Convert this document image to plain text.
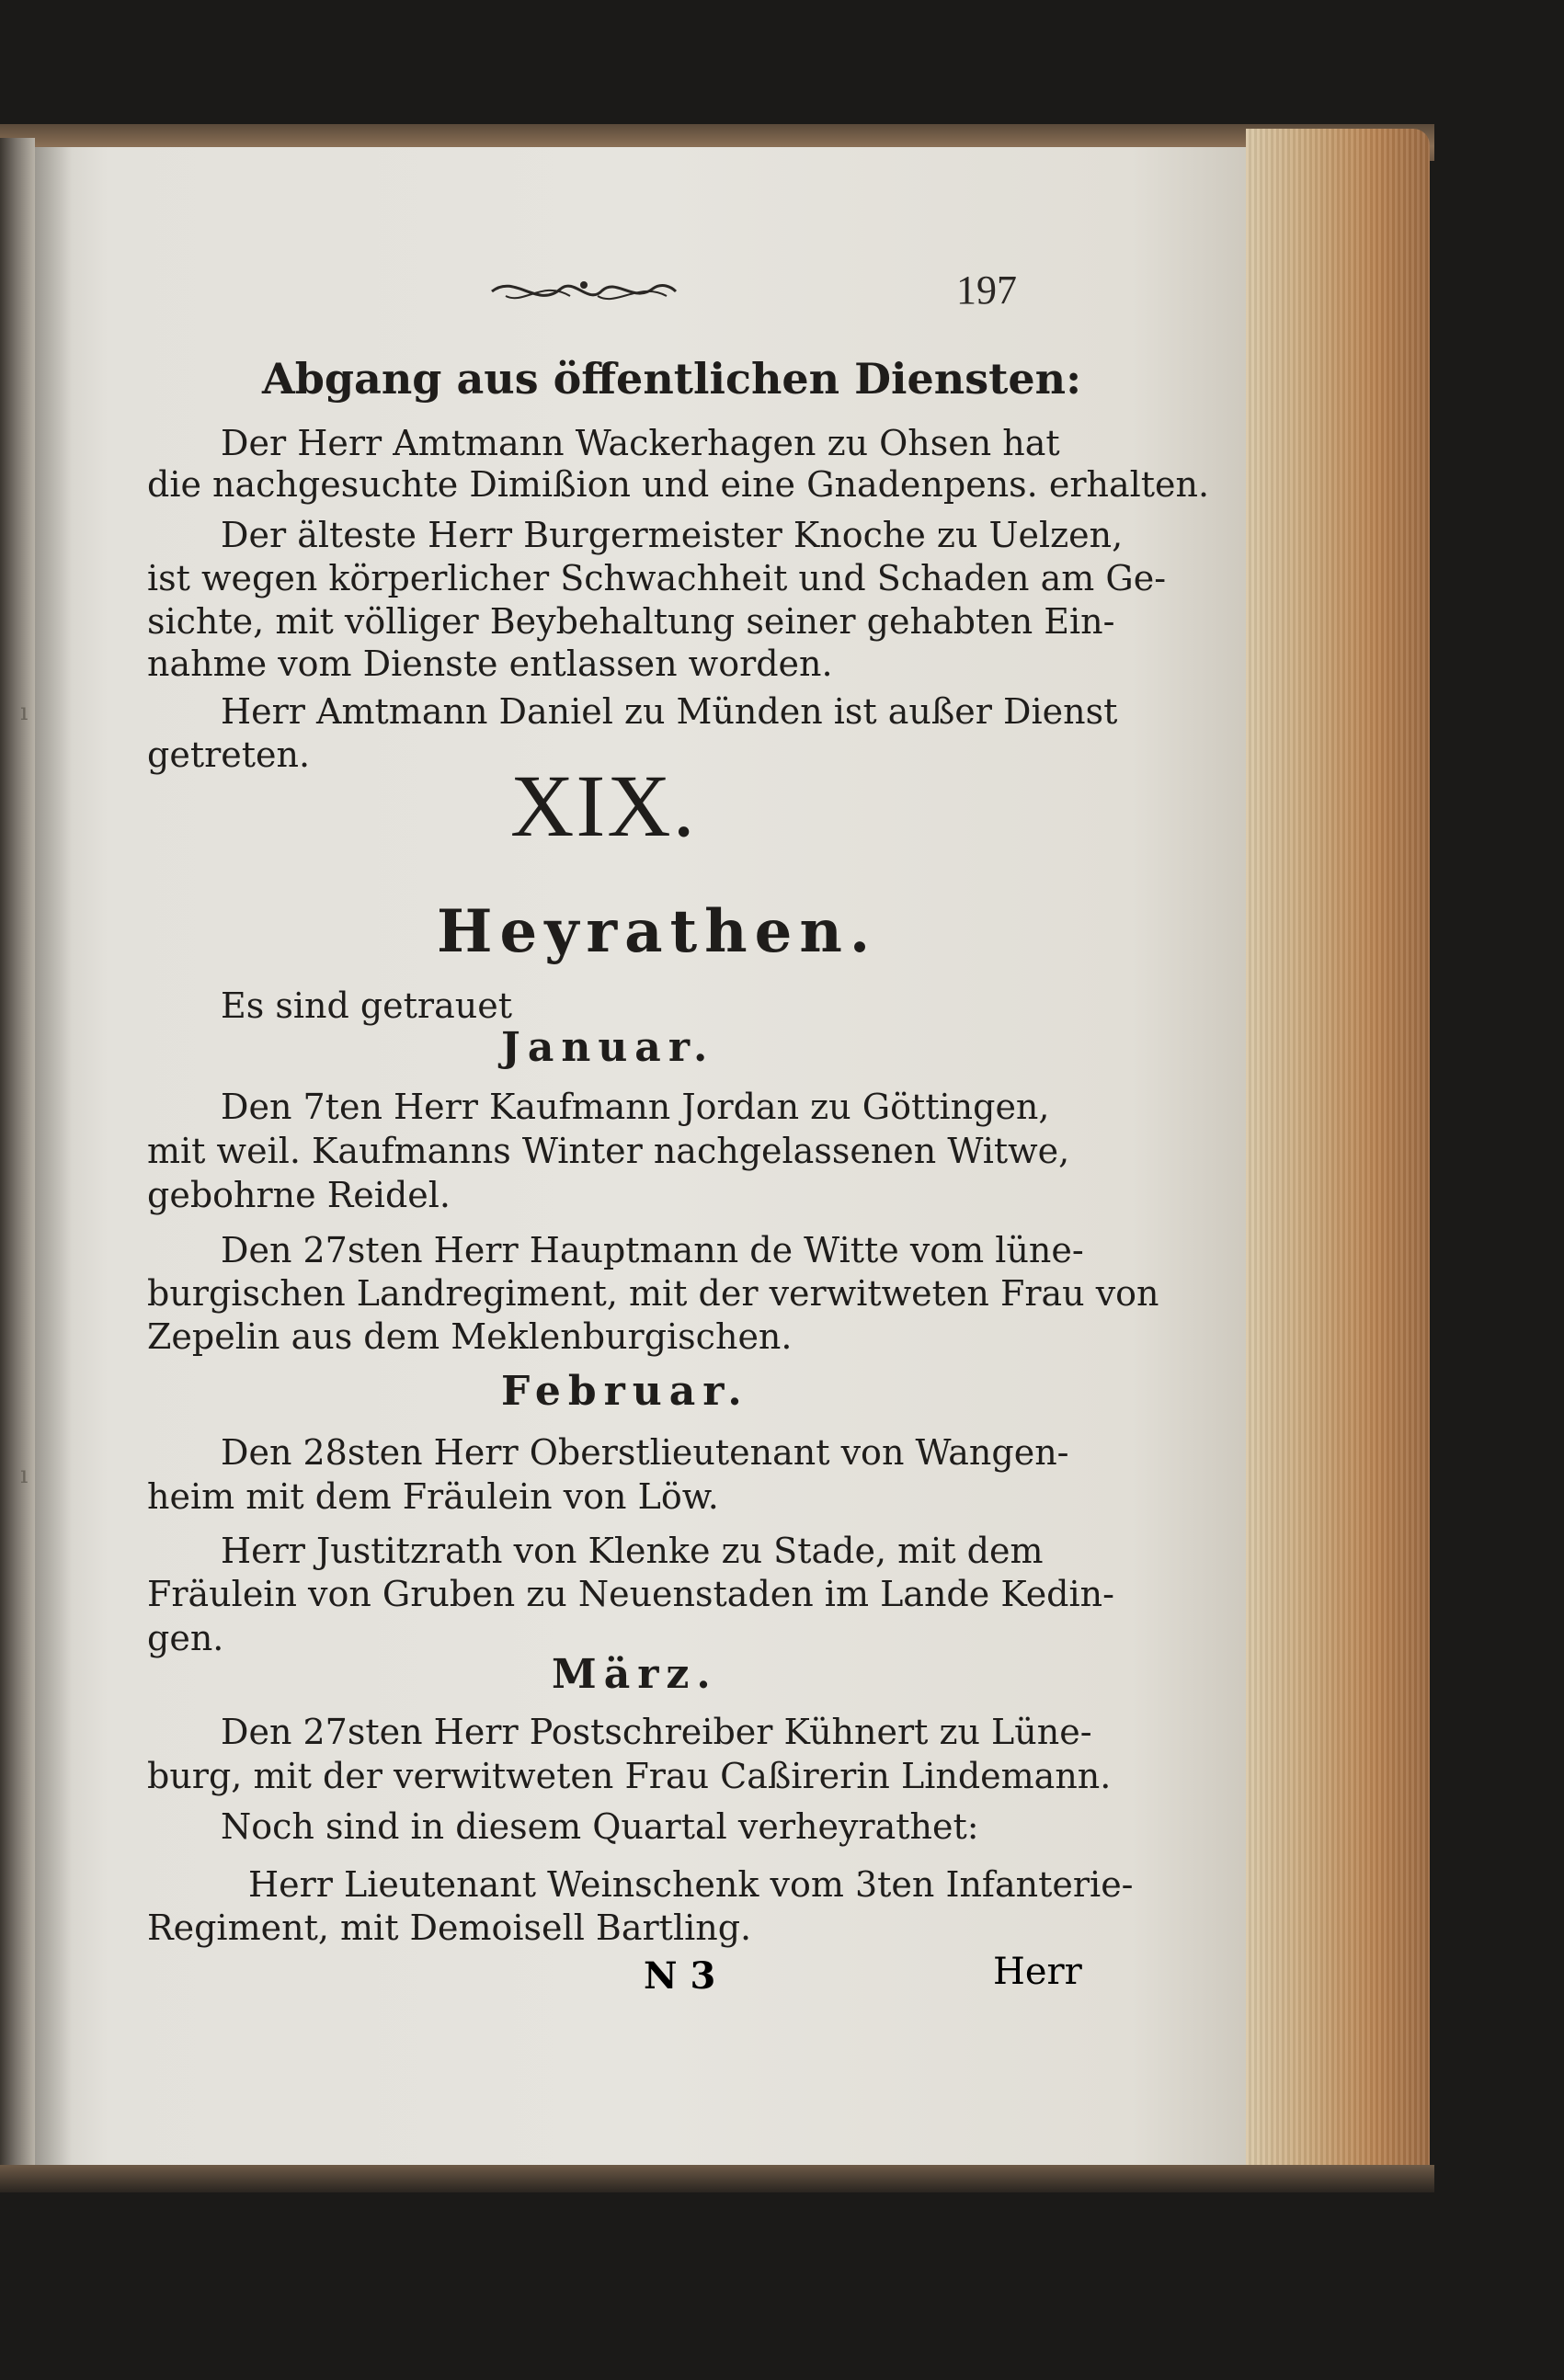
197
Abgang aus öffentlichen Diensten:
Der Herr Amtmann Wackerhagen zu Ohsen hat
die nachgesuchte Dimißion und eine Gnadenpens. erhalten.
Der älteste Herr Burgermeister Knoche zu Uelzen,
ist wegen körperlicher Schwachheit und Schaden am Ge-
sichte, mit völliger Beybehaltung seiner gehabten Ein-
nahme vom Dienste entlassen worden.
Herr Amtmann Daniel zu Münden ist außer Dienst
getreten.
XIX.
Heyrathen.
Es sind getrauet
Januar.
Den 7ten Herr Kaufmann Jordan zu Göttingen,
mit weil. Kaufmanns Winter nachgelassenen Witwe,
gebohrne Reidel.
Den 27sten Herr Hauptmann de Witte vom lüne-
burgischen Landregiment, mit der verwitweten Frau von
Zepelin aus dem Meklenburgischen.
Februar.
Den 28sten Herr Oberstlieutenant von Wangen-
heim mit dem Fräulein von Löw.
Herr Justitzrath von Klenke zu Stade, mit dem
Fräulein von Gruben zu Neuenstaden im Lande Kedin-
gen.
März.
Den 27sten Herr Postschreiber Kühnert zu Lüne-
burg, mit der verwitweten Frau Caßirerin Lindemann.
Noch sind in diesem Quartal verheyrathet:
Herr Lieutenant Weinschenk vom 3ten Infanterie-
Regiment, mit Demoisell Bartling.
N 3	Herr
ı
ı
